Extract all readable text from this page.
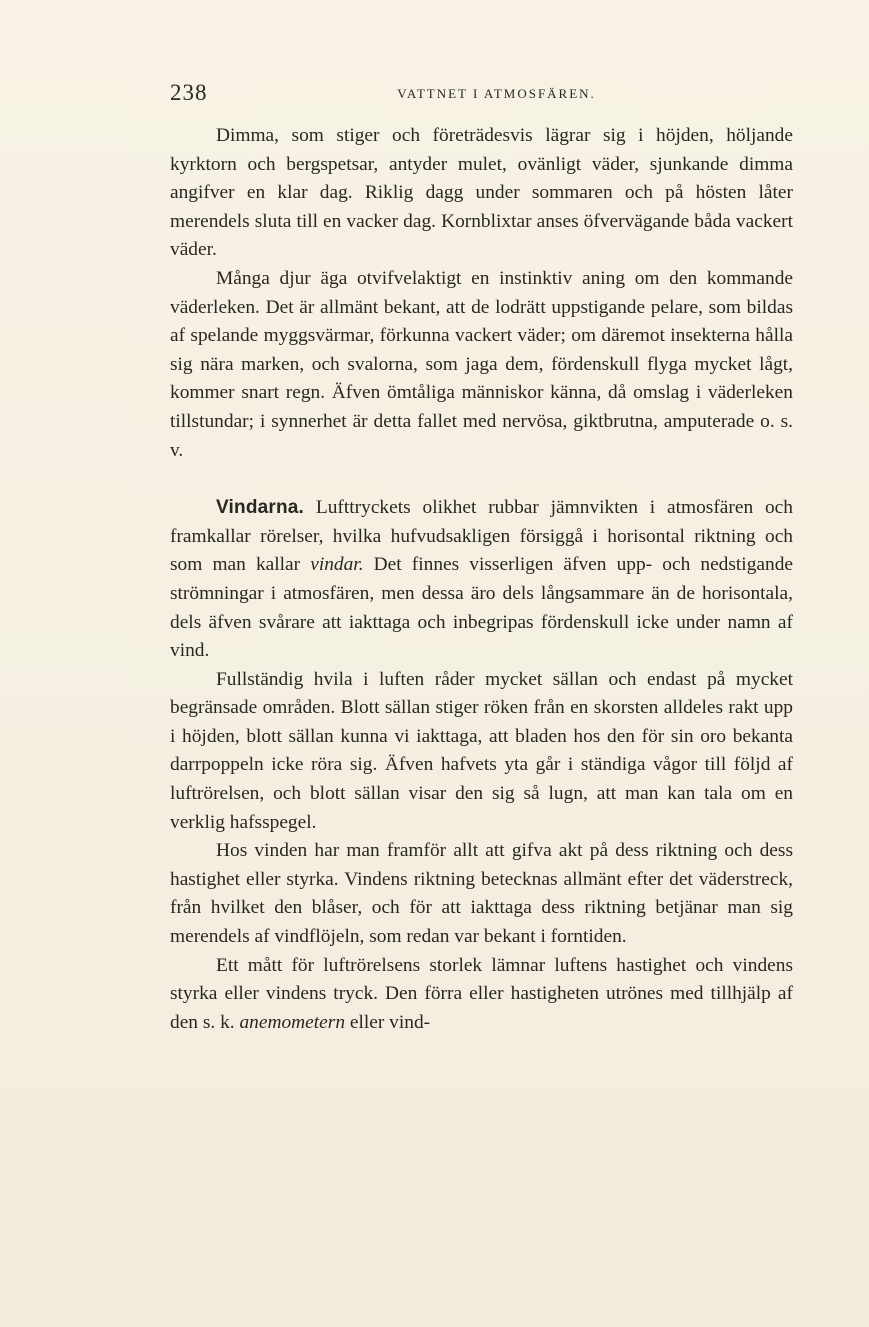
238	VATTNET I ATMOSFÄREN.

Dimma, som stiger och företrädesvis lägrar sig i höjden, höljande kyrktorn och bergspetsar, antyder mulet, ovänligt väder, sjunkande dimma angifver en klar dag. Riklig dagg under sommaren och på hösten låter merendels sluta till en vacker dag. Kornblixtar anses öfvervägande båda vackert väder.

Många djur äga otvifvelaktigt en instinktiv aning om den kommande väderleken. Det är allmänt bekant, att de lodrätt uppstigande pelare, som bildas af spelande myggsvärmar, förkunna vackert väder; om däremot insekterna hålla sig nära marken, och svalorna, som jaga dem, fördenskull flyga mycket lågt, kommer snart regn. Äfven ömtåliga människor känna, då omslag i väderleken tillstundar; i synnerhet är detta fallet med nervösa, giktbrutna, amputerade o. s. v.

Vindarna. Lufttryckets olikhet rubbar jämnvikten i atmosfären och framkallar rörelser, hvilka hufvudsakligen försiggå i horisontal riktning och som man kallar vindar. Det finnes visserligen äfven upp- och nedstigande strömningar i atmosfären, men dessa äro dels långsammare än de horisontala, dels äfven svårare att iakttaga och inbegripas fördenskull icke under namn af vind.

Fullständig hvila i luften råder mycket sällan och endast på mycket begränsade områden. Blott sällan stiger röken från en skorsten alldeles rakt upp i höjden, blott sällan kunna vi iakttaga, att bladen hos den för sin oro bekanta darrpoppeln icke röra sig. Äfven hafvets yta går i ständiga vågor till följd af luftrörelsen, och blott sällan visar den sig så lugn, att man kan tala om en verklig hafsspegel.

Hos vinden har man framför allt att gifva akt på dess riktning och dess hastighet eller styrka. Vindens riktning betecknas allmänt efter det väderstreck, från hvilket den blåser, och för att iakttaga dess riktning betjänar man sig merendels af vindflöjeln, som redan var bekant i forntiden.

Ett mått för luftrörelsens storlek lämnar luftens hastighet och vindens styrka eller vindens tryck. Den förra eller hastigheten utrönes med tillhjälp af den s. k. anemometern eller vind-
